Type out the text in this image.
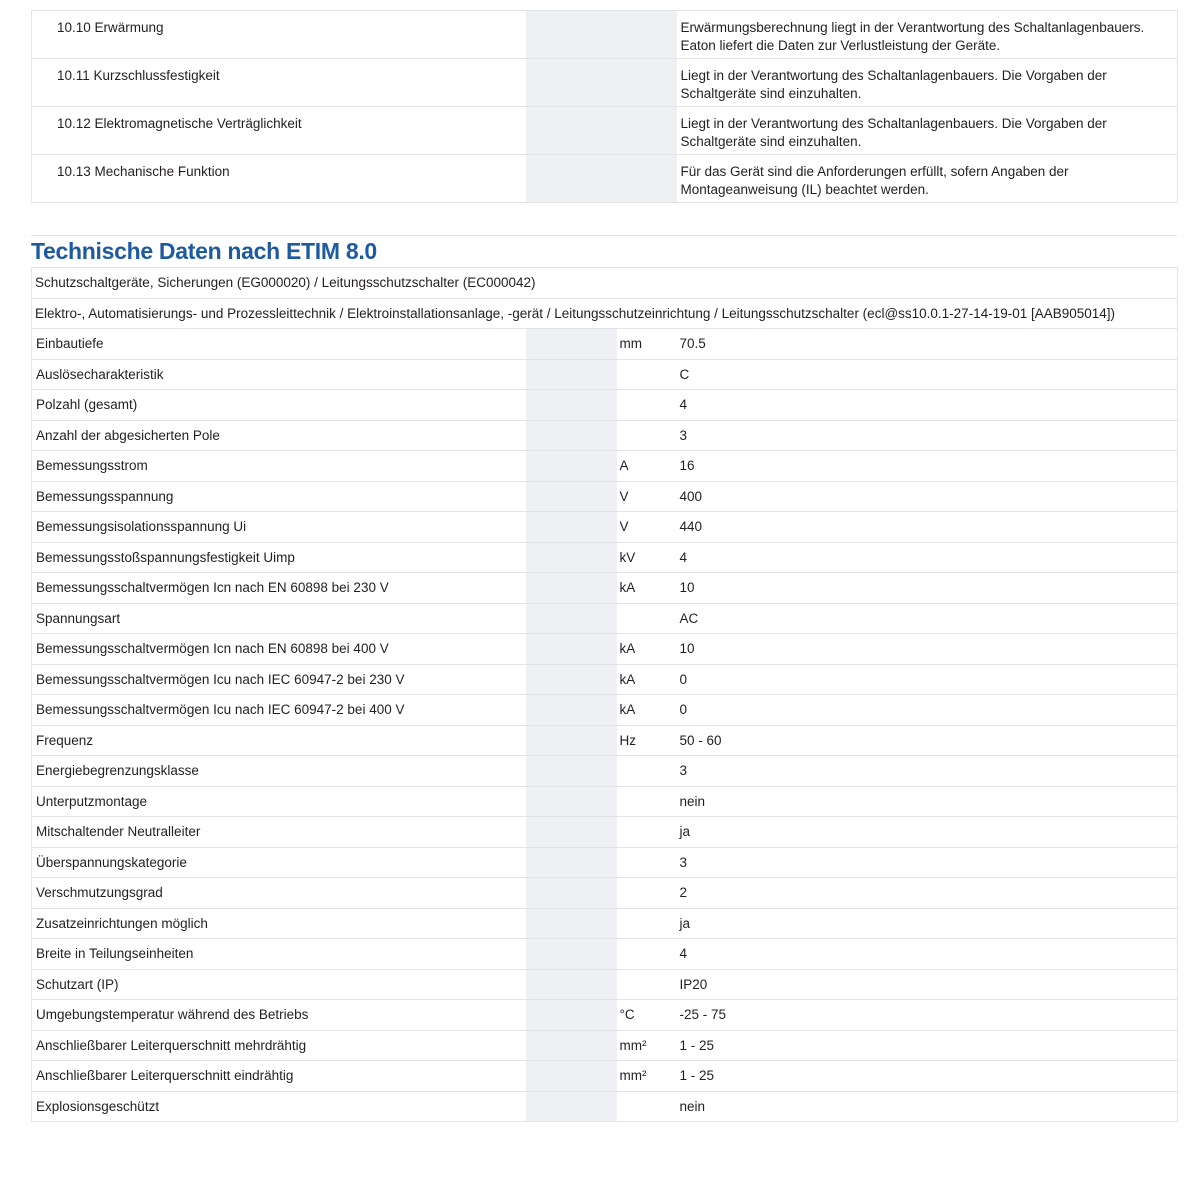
10.10 Erwärmung			Erwärmungsberechnung liegt in der Verantwortung des Schaltanlagenbauers. Eaton liefert die Daten zur Verlustleistung der Geräte.
10.11 Kurzschlussfestigkeit			Liegt in der Verantwortung des Schaltanlagenbauers. Die Vorgaben der Schaltgeräte sind einzuhalten.
10.12 Elektromagnetische Verträglichkeit			Liegt in der Verantwortung des Schaltanlagenbauers. Die Vorgaben der Schaltgeräte sind einzuhalten.
10.13 Mechanische Funktion			Für das Gerät sind die Anforderungen erfüllt, sofern Angaben der Montageanweisung (IL) beachtet werden.
Technische Daten nach ETIM 8.0
Schutzschaltgeräte, Sicherungen (EG000020) / Leitungsschutzschalter (EC000042)			
Elektro-, Automatisierungs- und Prozessleittechnik / Elektroinstallationsanlage, -gerät / Leitungsschutzeinrichtung / Leitungsschutzschalter (ecl@ss10.0.1-27-14-19-01 [AAB905014])			
Einbautiefe		mm	70.5
Auslösecharakteristik			C
Polzahl (gesamt)			4
Anzahl der abgesicherten Pole			3
Bemessungsstrom		A	16
Bemessungsspannung		V	400
Bemessungsisolationsspannung Ui		V	440
Bemessungsstoßspannungsfestigkeit Uimp		kV	4
Bemessungsschaltvermögen Icn nach EN 60898 bei 230 V		kA	10
Spannungsart			AC
Bemessungsschaltvermögen Icn nach EN 60898 bei 400 V		kA	10
Bemessungsschaltvermögen Icu nach IEC 60947-2 bei 230 V		kA	0
Bemessungsschaltvermögen Icu nach IEC 60947-2 bei 400 V		kA	0
Frequenz		Hz	50 - 60
Energiebegrenzungsklasse			3
Unterputzmontage			nein
Mitschaltender Neutralleiter			ja
Überspannungskategorie			3
Verschmutzungsgrad			2
Zusatzeinrichtungen möglich			ja
Breite in Teilungseinheiten			4
Schutzart (IP)			IP20
Umgebungstemperatur während des Betriebs		°C	-25 - 75
Anschließbarer Leiterquerschnitt mehrdrähtig		mm²	1 - 25
Anschließbarer Leiterquerschnitt eindrähtig		mm²	1 - 25
Explosionsgeschützt			nein
